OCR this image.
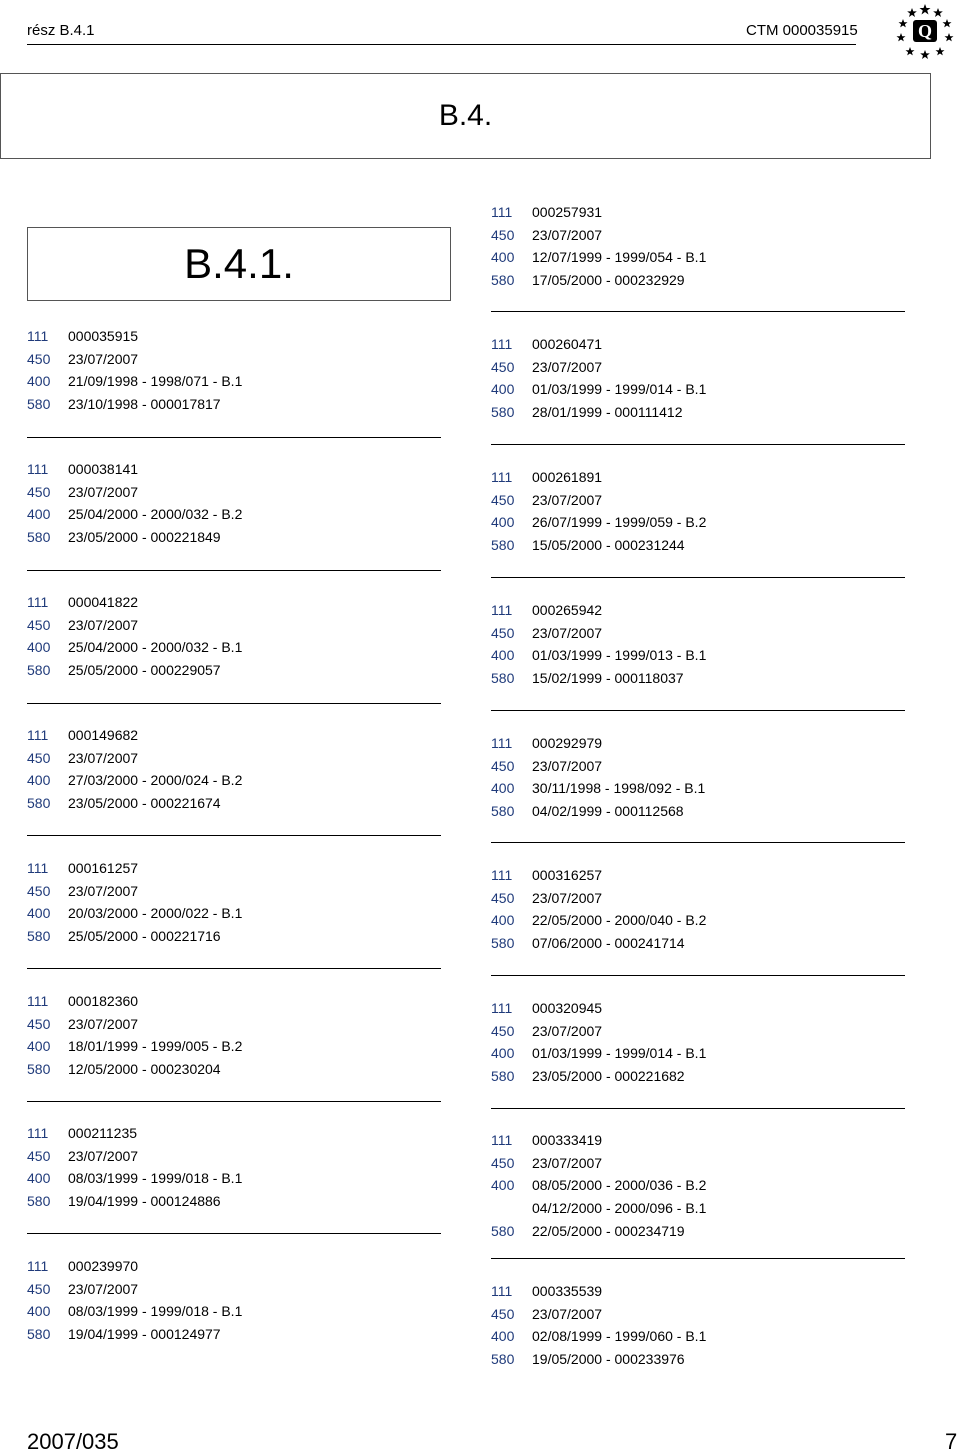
rész B.4.1	CTM 000035915	Q
B.4.
B.4.1.
111	000035915
450	23/07/2007
400	21/09/1998 - 1998/071 - B.1
580	23/10/1998 - 000017817
111	000038141
450	23/07/2007
400	25/04/2000 - 2000/032 - B.2
580	23/05/2000 - 000221849
111	000041822
450	23/07/2007
400	25/04/2000 - 2000/032 - B.1
580	25/05/2000 - 000229057
111	000149682
450	23/07/2007
400	27/03/2000 - 2000/024 - B.2
580	23/05/2000 - 000221674
111	000161257
450	23/07/2007
400	20/03/2000 - 2000/022 - B.1
580	25/05/2000 - 000221716
111	000182360
450	23/07/2007
400	18/01/1999 - 1999/005 - B.2
580	12/05/2000 - 000230204
111	000211235
450	23/07/2007
400	08/03/1999 - 1999/018 - B.1
580	19/04/1999 - 000124886
111	000239970
450	23/07/2007
400	08/03/1999 - 1999/018 - B.1
580	19/04/1999 - 000124977
111	000257931
450	23/07/2007
400	12/07/1999 - 1999/054 - B.1
580	17/05/2000 - 000232929
111	000260471
450	23/07/2007
400	01/03/1999 - 1999/014 - B.1
580	28/01/1999 - 000111412
111	000261891
450	23/07/2007
400	26/07/1999 - 1999/059 - B.2
580	15/05/2000 - 000231244
111	000265942
450	23/07/2007
400	01/03/1999 - 1999/013 - B.1
580	15/02/1999 - 000118037
111	000292979
450	23/07/2007
400	30/11/1998 - 1998/092 - B.1
580	04/02/1999 - 000112568
111	000316257
450	23/07/2007
400	22/05/2000 - 2000/040 - B.2
580	07/06/2000 - 000241714
111	000320945
450	23/07/2007
400	01/03/1999 - 1999/014 - B.1
580	23/05/2000 - 000221682
111	000333419
450	23/07/2007
400	08/05/2000 - 2000/036 - B.2
04/12/2000 - 2000/096 - B.1
580	22/05/2000 - 000234719
111	000335539
450	23/07/2007
400	02/08/1999 - 1999/060 - B.1
580	19/05/2000 - 000233976
2007/035	7
